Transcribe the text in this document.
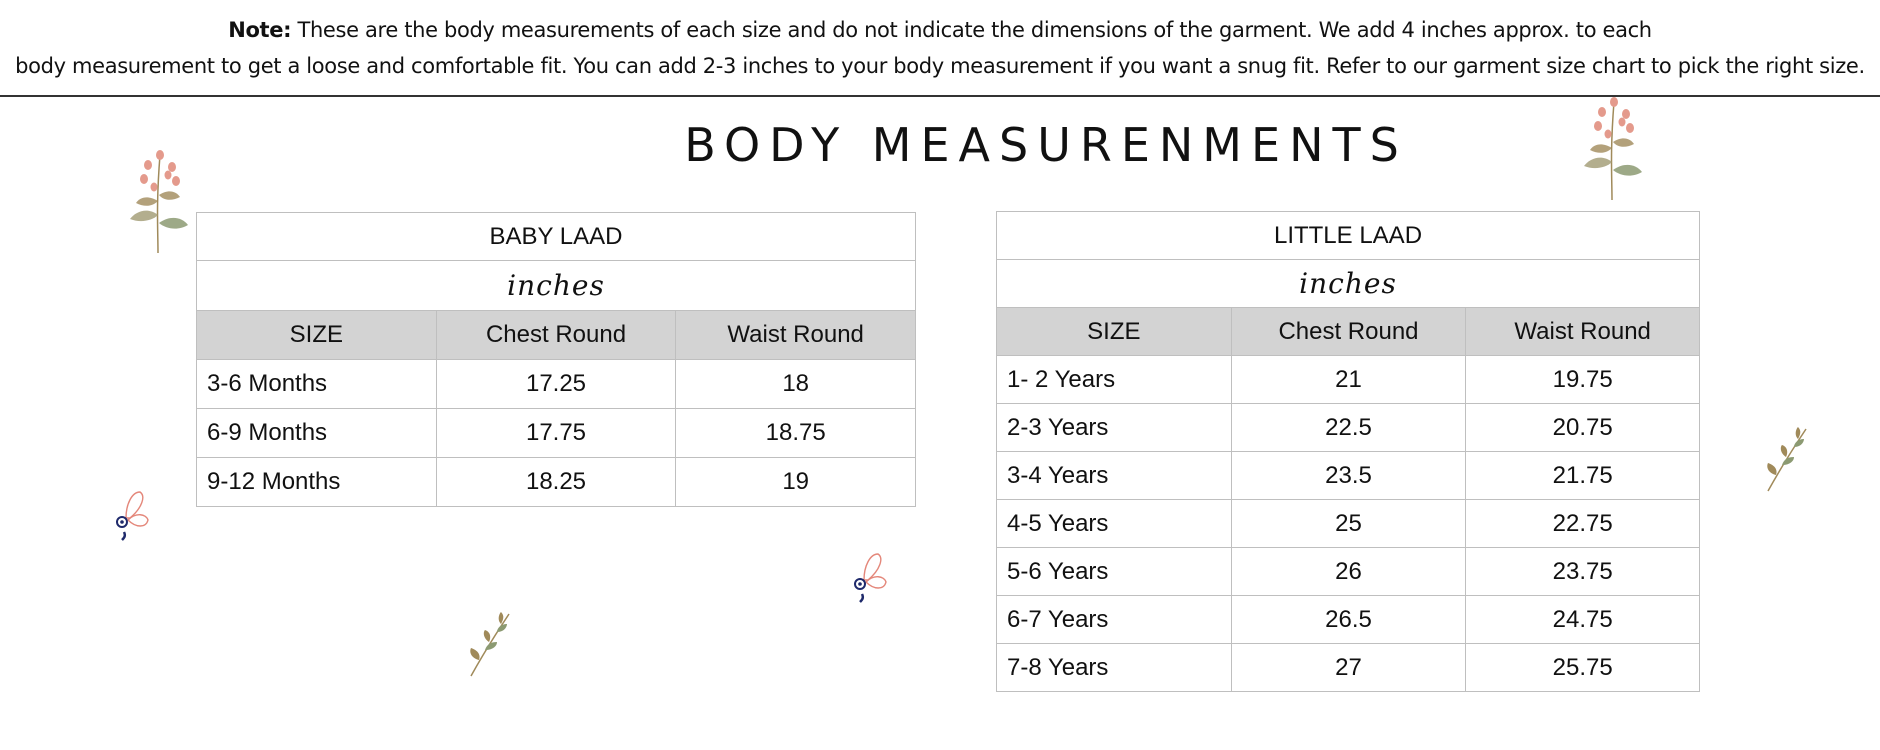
Note: These are the body measurements of each size and do not indicate the dimensions of the garment. We add 4 inches approx. to each
body measurement to get a loose and comfortable fit. You can add 2-3 inches to your body measurement if you want a snug fit. Refer to our garment size chart to pick the right size.
BODY MEASURENMENTS
BABY LAAD		
inches		
SIZE	Chest Round	Waist Round
3-6 Months	17.25	18
6-9 Months	17.75	18.75
9-12 Months	18.25	19
LITTLE LAAD		
inches		
SIZE	Chest Round	Waist Round
1- 2 Years	21	19.75
2-3 Years	22.5	20.75
3-4 Years	23.5	21.75
4-5 Years	25	22.75
5-6 Years	26	23.75
6-7 Years	26.5	24.75
7-8 Years	27	25.75
